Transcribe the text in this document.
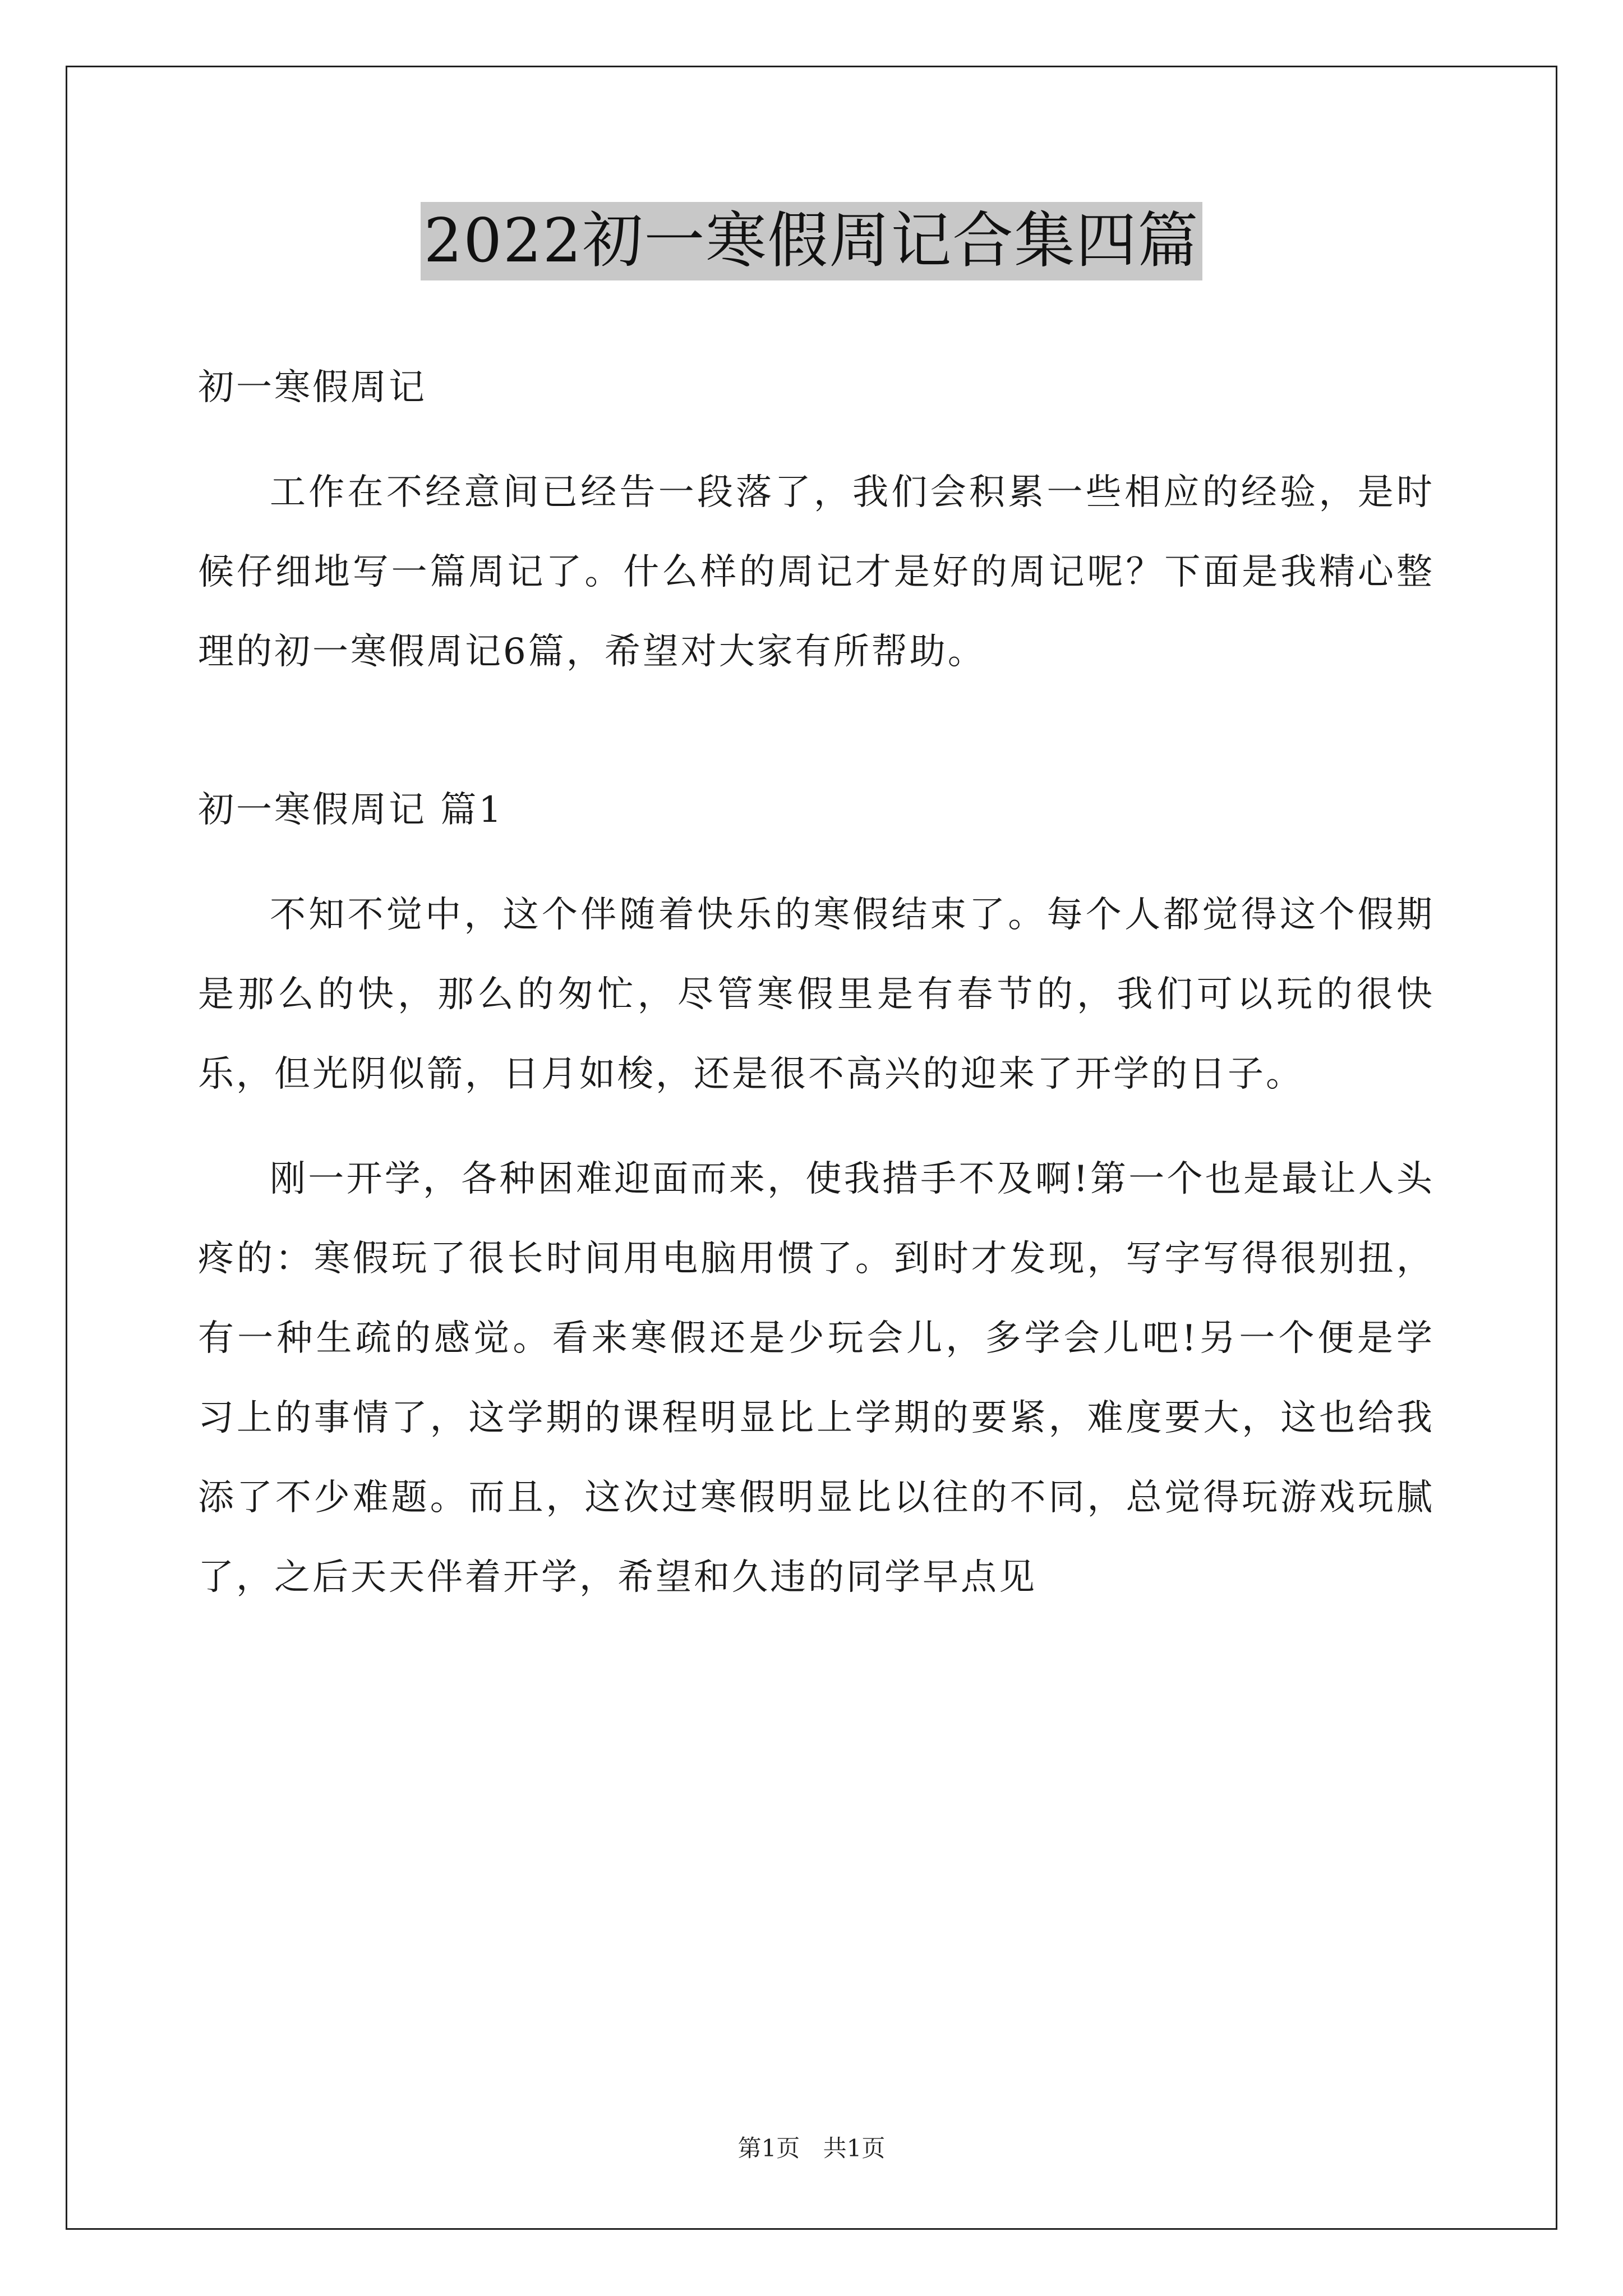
2022初一寒假周记合集四篇

初一寒假周记

工作在不经意间已经告一段落了，我们会积累一些相应的经验，是时候仔细地写一篇周记了。什么样的周记才是好的周记呢？下面是我精心整理的初一寒假周记6篇，希望对大家有所帮助。

初一寒假周记 篇1

不知不觉中，这个伴随着快乐的寒假结束了。每个人都觉得这个假期是那么的快，那么的匆忙，尽管寒假里是有春节的，我们可以玩的很快乐，但光阴似箭，日月如梭，还是很不高兴的迎来了开学的日子。

刚一开学，各种困难迎面而来，使我措手不及啊!第一个也是最让人头疼的：寒假玩了很长时间用电脑用惯了。到时才发现，写字写得很别扭，有一种生疏的感觉。看来寒假还是少玩会儿，多学会儿吧!另一个便是学习上的事情了，这学期的课程明显比上学期的要紧，难度要大，这也给我添了不少难题。而且，这次过寒假明显比以往的不同，总觉得玩游戏玩腻了，之后天天伴着开学，希望和久违的同学早点见

第1页 共1页
